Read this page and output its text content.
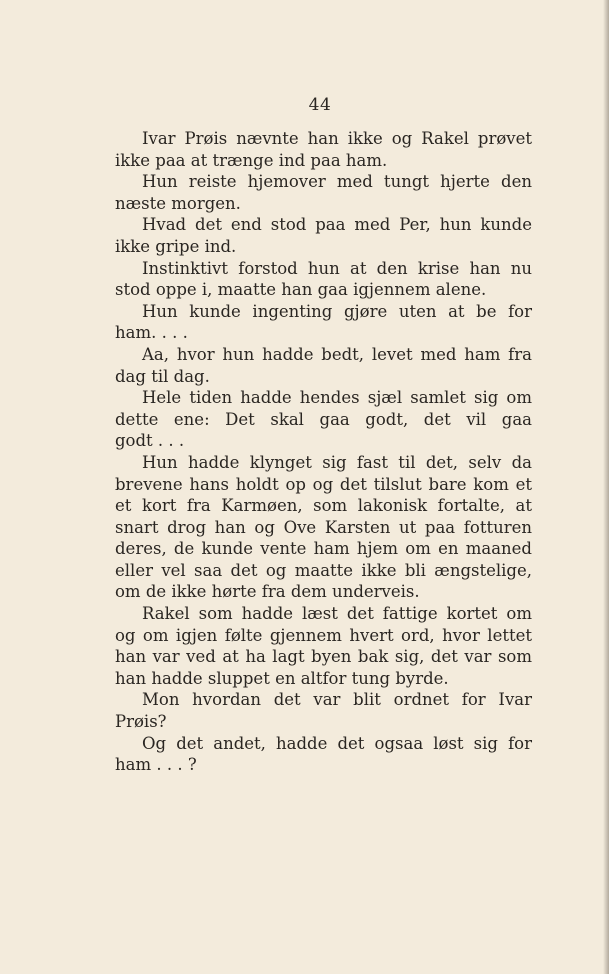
44
Ivar Prøis nævnte han ikke og Rakel prøvet
ikke paa at trænge ind paa ham.
Hun reiste hjemover med tungt hjerte den
næste morgen.
Hvad det end stod paa med Per, hun kunde
ikke gripe ind.
Instinktivt forstod hun at den krise han nu
stod oppe i, maatte han gaa igjennem alene.
Hun kunde ingenting gjøre uten at be for
ham. . . .
Aa, hvor hun hadde bedt, levet med ham fra
dag til dag.
Hele tiden hadde hendes sjæl samlet sig om
dette ene: Det skal gaa godt, det vil gaa
godt . . .
Hun hadde klynget sig fast til det, selv da
brevene hans holdt op og det tilslut bare kom et
et kort fra Karmøen, som lakonisk fortalte, at
snart drog han og Ove Karsten ut paa fotturen
deres, de kunde vente ham hjem om en maaned
eller vel saa det og maatte ikke bli ængstelige,
om de ikke hørte fra dem underveis.
Rakel som hadde læst det fattige kortet om
og om igjen følte gjennem hvert ord, hvor lettet
han var ved at ha lagt byen bak sig, det var som
han hadde sluppet en altfor tung byrde.
Mon hvordan det var blit ordnet for Ivar
Prøis?
Og det andet, hadde det ogsaa løst sig for
ham . . . ?
